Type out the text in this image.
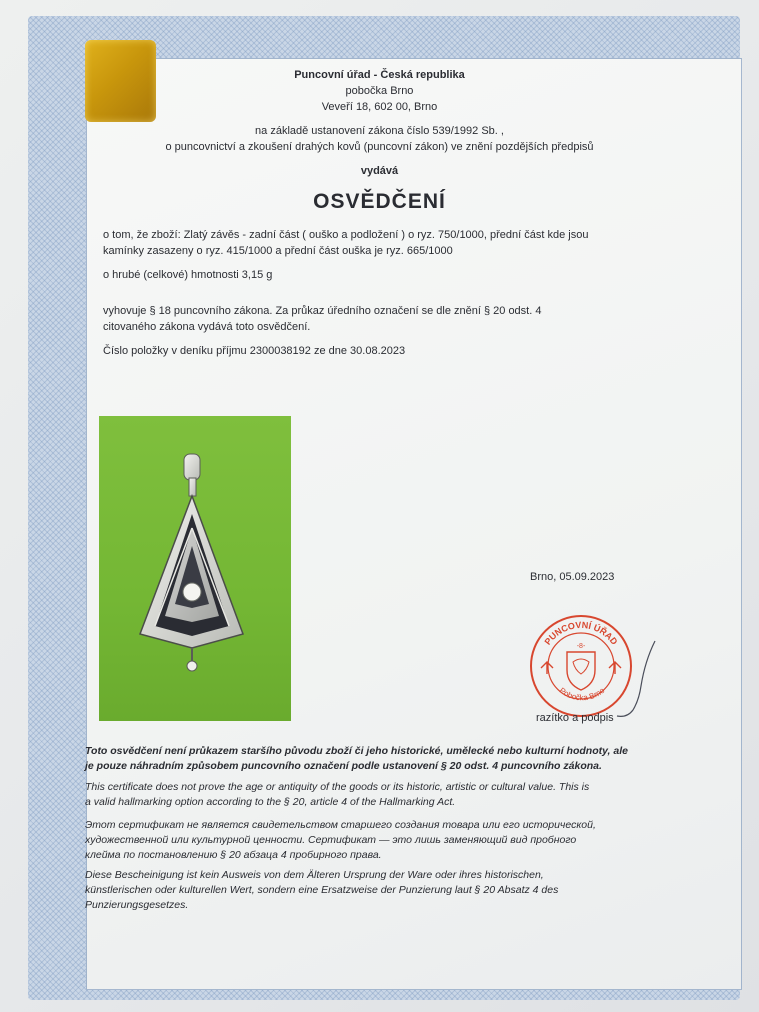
Puncovní úřad - Česká republika
pobočka Brno
Veveří 18, 602 00, Brno
na základě ustanovení zákona číslo 539/1992 Sb. ,
o puncovnictví a zkoušení drahých kovů (puncovní zákon) ve znění pozdějších předpisů
vydává
OSVĚDČENÍ
o tom, že zboží: Zlatý závěs - zadní část ( ouško a podložení ) o ryz. 750/1000, přední část kde jsou
kamínky zasazeny o ryz. 415/1000 a přední část ouška je ryz. 665/1000
o hrubé (celkové) hmotnosti 3,15 g
vyhovuje § 18 puncovního zákona. Za průkaz úředního označení se dle znění § 20 odst. 4
citovaného zákona vydává toto osvědčení.
Číslo položky v deníku příjmu 2300038192 ze dne 30.08.2023
Brno, 05.09.2023
-8-
PUNCOVNÍ ÚŘAD
Pobočka Brno
razítko a podpis
Toto osvědčení není průkazem staršího původu zboží či jeho historické, umělecké nebo kulturní hodnoty, ale
je pouze náhradním způsobem puncovního označení podle ustanovení § 20 odst. 4 puncovního zákona.
This certificate does not prove the age or antiquity of the goods or its historic, artistic or cultural value. This is
a valid hallmarking option according to the § 20, article 4 of the Hallmarking Act.
Этот сертификат не является свидетельством старшего создания товара или его исторической,
художественной или культурной ценности. Сертификат — это лишь заменяющий вид пробного
клейма по постановлению § 20 абзаца 4 пробирного права.
Diese Bescheinigung ist kein Ausweis von dem Älteren Ursprung der Ware oder ihres historischen,
künstlerischen oder kulturellen Wert, sondern eine Ersatzweise der Punzierung laut § 20 Absatz 4 des
Punzierungsgesetzes.
